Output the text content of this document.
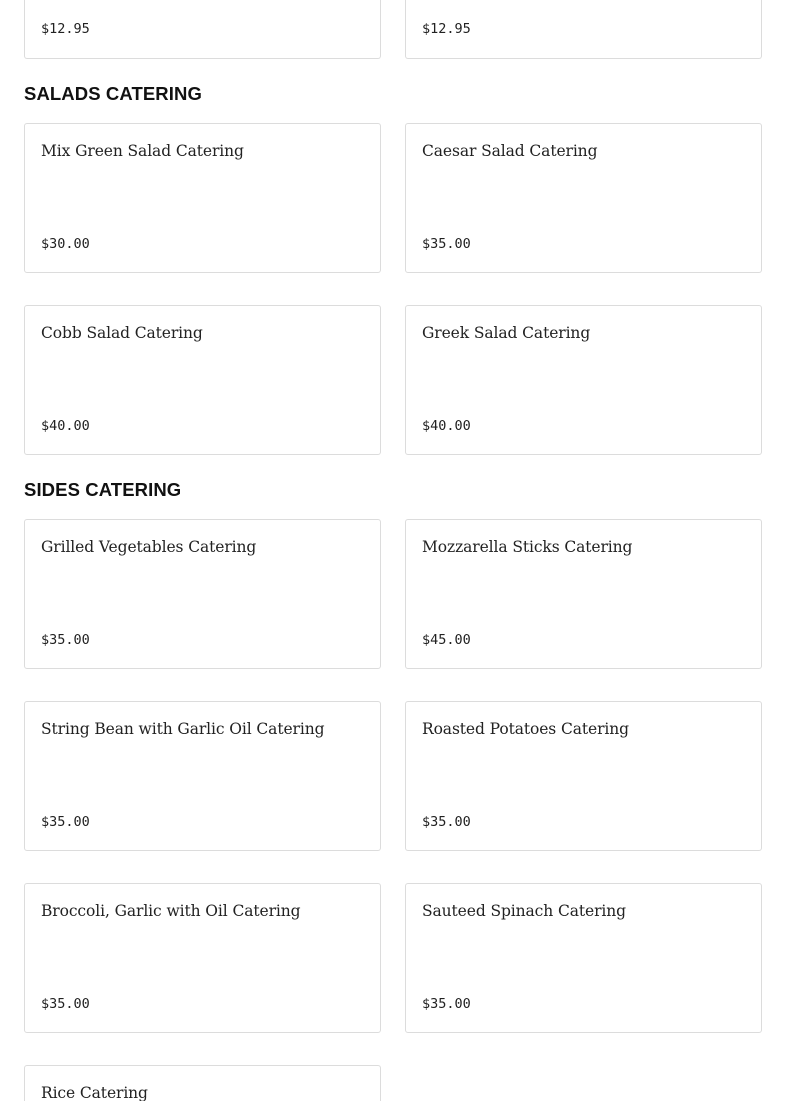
$12.95	$12.95
SALADS CATERING
Mix Green Salad Catering
$30.00
Caesar Salad Catering
$35.00
Cobb Salad Catering
$40.00
Greek Salad Catering
$40.00
SIDES CATERING
Grilled Vegetables Catering
$35.00
Mozzarella Sticks Catering
$45.00
String Bean with Garlic Oil Catering
$35.00
Roasted Potatoes Catering
$35.00
Broccoli, Garlic with Oil Catering
$35.00
Sauteed Spinach Catering
$35.00
Rice Catering
